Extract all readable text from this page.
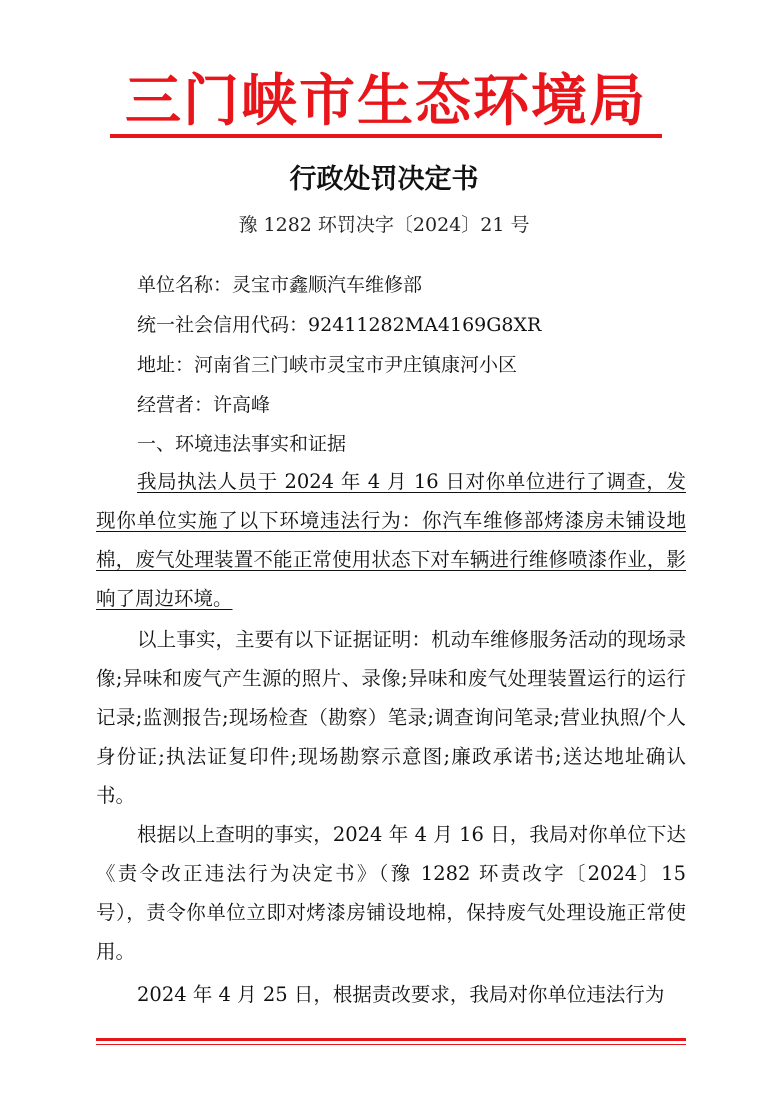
三门峡市生态环境局
行政处罚决定书
豫 1282 环罚决字〔2024〕21 号
单位名称：灵宝市鑫顺汽车维修部
统一社会信用代码：92411282MA4169G8XR
地址：河南省三门峡市灵宝市尹庄镇康河小区
经营者：许高峰
一、环境违法事实和证据

我局执法人员于 2024 年 4 月 16 日对你单位进行了调查，发现你单位实施了以下环境违法行为：你汽车维修部烤漆房未铺设地棉，废气处理装置不能正常使用状态下对车辆进行维修喷漆作业，影响了周边环境。

以上事实，主要有以下证据证明：机动车维修服务活动的现场录像;异味和废气产生源的照片、录像;异味和废气处理装置运行的运行记录;监测报告;现场检查（勘察）笔录;调查询问笔录;营业执照/个人身份证;执法证复印件;现场勘察示意图;廉政承诺书;送达地址确认书。

根据以上查明的事实，2024 年 4 月 16 日，我局对你单位下达《责令改正违法行为决定书》（豫 1282 环责改字〔2024〕15 号），责令你单位立即对烤漆房铺设地棉，保持废气处理设施正常使用。

2024 年 4 月 25 日，根据责改要求，我局对你单位违法行为
